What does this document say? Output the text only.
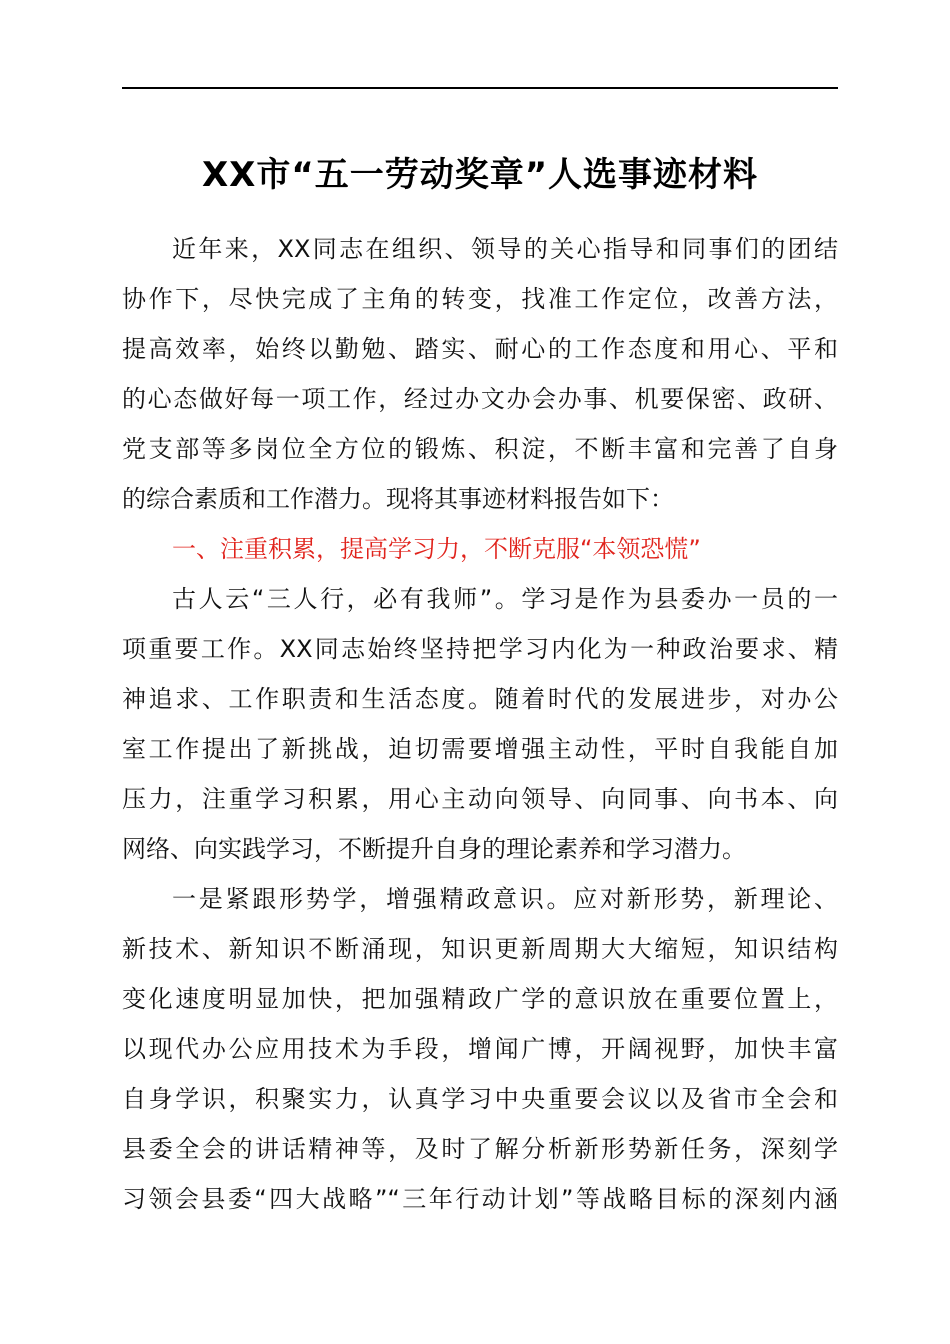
XX市“五一劳动奖章”人选事迹材料
近年来，XX同志在组织、领导的关心指导和同事们的团结
协作下，尽快完成了主角的转变，找准工作定位，改善方法，
提高效率，始终以勤勉、踏实、耐心的工作态度和用心、平和
的心态做好每一项工作，经过办文办会办事、机要保密、政研、
党支部等多岗位全方位的锻炼、积淀，不断丰富和完善了自身
的综合素质和工作潜力。现将其事迹材料报告如下：
一、注重积累，提高学习力，不断克服“本领恐慌”
古人云“三人行，必有我师”。学习是作为县委办一员的一
项重要工作。XX同志始终坚持把学习内化为一种政治要求、精
神追求、工作职责和生活态度。随着时代的发展进步，对办公
室工作提出了新挑战，迫切需要增强主动性，平时自我能自加
压力，注重学习积累，用心主动向领导、向同事、向书本、向
网络、向实践学习，不断提升自身的理论素养和学习潜力。
一是紧跟形势学，增强精政意识。应对新形势，新理论、
新技术、新知识不断涌现，知识更新周期大大缩短，知识结构
变化速度明显加快，把加强精政广学的意识放在重要位置上，
以现代办公应用技术为手段，增闻广博，开阔视野，加快丰富
自身学识，积聚实力，认真学习中央重要会议以及省市全会和
县委全会的讲话精神等，及时了解分析新形势新任务，深刻学
习领会县委“四大战略”“三年行动计划”等战略目标的深刻内涵
